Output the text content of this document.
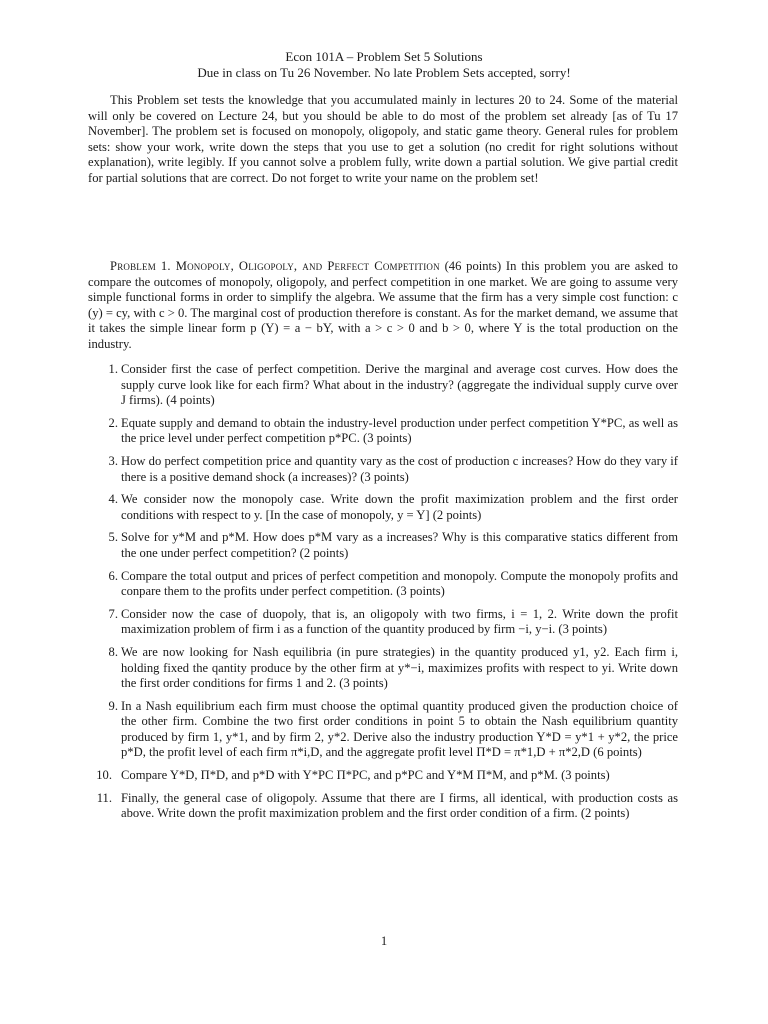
Econ 101A – Problem Set 5 Solutions
Due in class on Tu 26 November. No late Problem Sets accepted, sorry!
This Problem set tests the knowledge that you accumulated mainly in lectures 20 to 24. Some of the material will only be covered on Lecture 24, but you should be able to do most of the problem set already [as of Tu 17 November]. The problem set is focused on monopoly, oligopoly, and static game theory. General rules for problem sets: show your work, write down the steps that you use to get a solution (no credit for right solutions without explanation), write legibly. If you cannot solve a problem fully, write down a partial solution. We give partial credit for partial solutions that are correct. Do not forget to write your name on the problem set!
Problem 1. Monopoly, Oligopoly, and Perfect Competition (46 points) In this problem you are asked to compare the outcomes of monopoly, oligopoly, and perfect competition in one market. We are going to assume very simple functional forms in order to simplify the algebra. We assume that the firm has a very simple cost function: c (y) = cy, with c > 0. The marginal cost of production therefore is constant. As for the market demand, we assume that it takes the simple linear form p (Y) = a − bY, with a > c > 0 and b > 0, where Y is the total production on the industry.
1. Consider first the case of perfect competition. Derive the marginal and average cost curves. How does the supply curve look like for each firm? What about in the industry? (aggregate the individual supply curve over J firms). (4 points)
2. Equate supply and demand to obtain the industry-level production under perfect competition Y*PC, as well as the price level under perfect competition p*PC. (3 points)
3. How do perfect competition price and quantity vary as the cost of production c increases? How do they vary if there is a positive demand shock (a increases)? (3 points)
4. We consider now the monopoly case. Write down the profit maximization problem and the first order conditions with respect to y. [In the case of monopoly, y = Y] (2 points)
5. Solve for y*M and p*M. How does p*M vary as a increases? Why is this comparative statics different from the one under perfect competition? (2 points)
6. Compare the total output and prices of perfect competition and monopoly. Compute the monopoly profits and conpare them to the profits under perfect competition. (3 points)
7. Consider now the case of duopoly, that is, an oligopoly with two firms, i = 1, 2. Write down the profit maximization problem of firm i as a function of the quantity produced by firm −i, y−i. (3 points)
8. We are now looking for Nash equilibria (in pure strategies) in the quantity produced y1, y2. Each firm i, holding fixed the qantity produce by the other firm at y*−i, maximizes profits with respect to yi. Write down the first order conditions for firms 1 and 2. (3 points)
9. In a Nash equilibrium each firm must choose the optimal quantity produced given the production choice of the other firm. Combine the two first order conditions in point 5 to obtain the Nash equilibrium quantity produced by firm 1, y*1, and by firm 2, y*2. Derive also the industry production Y*D = y*1 + y*2, the price p*D, the profit level of each firm π*i,D, and the aggregate profit level Π*D = π*1,D + π*2,D (6 points)
10. Compare Y*D, Π*D, and p*D with Y*PC Π*PC, and p*PC and Y*M Π*M, and p*M. (3 points)
11. Finally, the general case of oligopoly. Assume that there are I firms, all identical, with production costs as above. Write down the profit maximization problem and the first order condition of a firm. (2 points)
1
